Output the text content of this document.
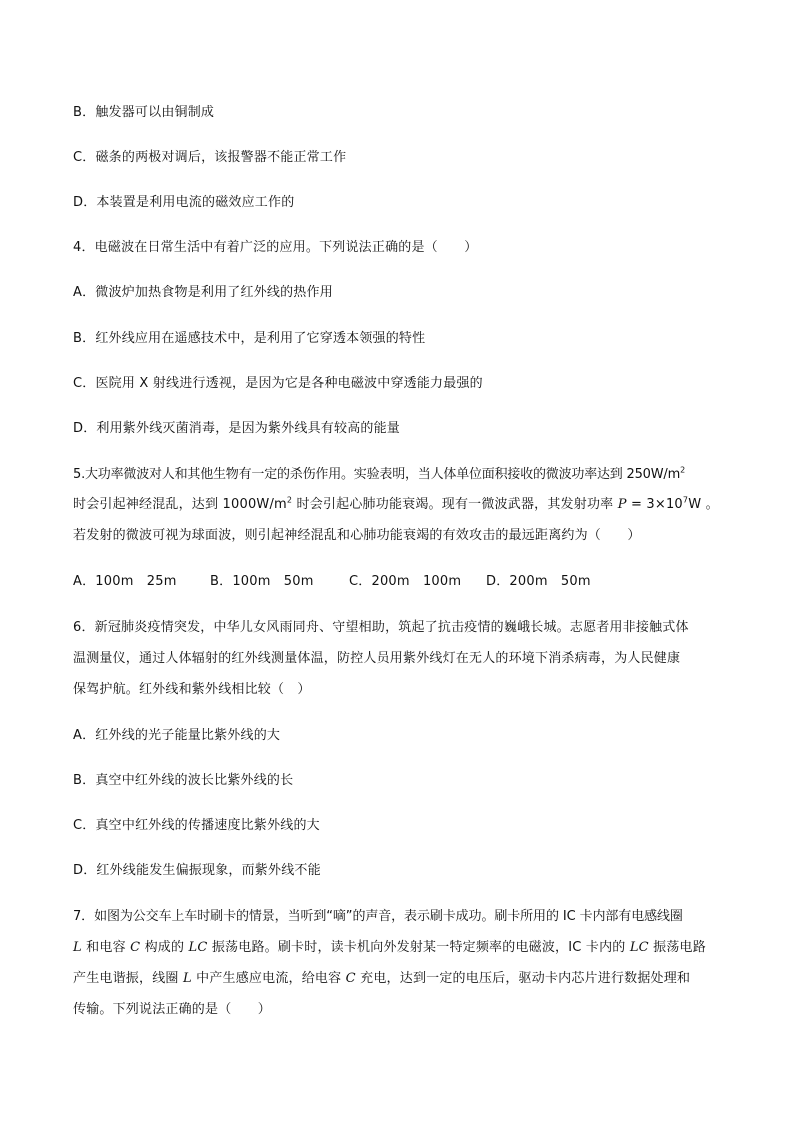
B．触发器可以由铜制成
C．磁条的两极对调后，该报警器不能正常工作
D．本装置是利用电流的磁效应工作的
4．电磁波在日常生活中有着广泛的应用。下列说法正确的是（　　）
A．微波炉加热食物是利用了红外线的热作用
B．红外线应用在遥感技术中，是利用了它穿透本领强的特性
C．医院用 X 射线进行透视，是因为它是各种电磁波中穿透能力最强的
D．利用紫外线灭菌消毒，是因为紫外线具有较高的能量
5.大功率微波对人和其他生物有一定的杀伤作用。实验表明，当人体单位面积接收的微波功率达到 $250W/m^2$
时会引起神经混乱，达到 $1000W/m^2$ 时会引起心肺功能衰竭。现有一微波武器，其发射功率 $P = 3\times 10^7W$ 。
若发射的微波可视为球面波，则引起神经混乱和心肺功能衰竭的有效攻击的最远距离约为（　　）
A．100m　25m	B．100m　50m	C．200m　100m D．200m　50m
6．新冠肺炎疫情突发，中华儿女风雨同舟、守望相助，筑起了抗击疫情的巍峨长城。志愿者用非接触式体
温测量仪，通过人体辐射的红外线测量体温，防控人员用紫外线灯在无人的环境下消杀病毒，为人民健康
保驾护航。红外线和紫外线相比较（　）
A．红外线的光子能量比紫外线的大
B．真空中红外线的波长比紫外线的长
C．真空中红外线的传播速度比紫外线的大
D．红外线能发生偏振现象，而紫外线不能
7．如图为公交车上车时刷卡的情景，当听到“嘀”的声音，表示刷卡成功。刷卡所用的 IC 卡内部有电感线圈
L 和电容 C 构成的 LC 振荡电路。刷卡时，读卡机向外发射某一特定频率的电磁波，IC 卡内的 LC 振荡电路
产生电谐振，线圈 L 中产生感应电流，给电容 C 充电，达到一定的电压后，驱动卡内芯片进行数据处理和
传输。下列说法正确的是（　　）
